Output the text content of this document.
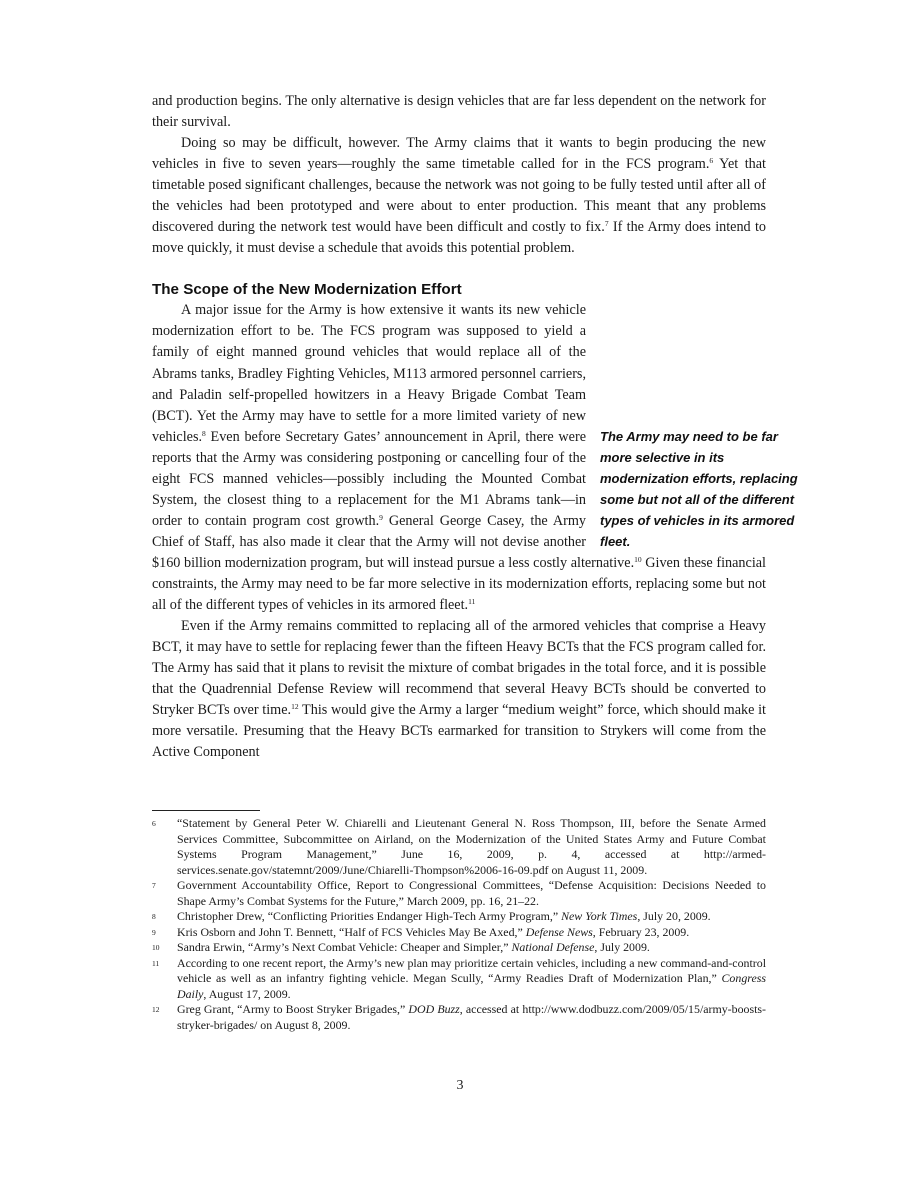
and production begins. The only alternative is design vehicles that are far less dependent on the network for their survival.

Doing so may be difficult, however. The Army claims that it wants to begin producing the new vehicles in five to seven years—roughly the same timetable called for in the FCS program.$^6$ Yet that timetable posed significant challenges, because the network was not going to be fully tested until after all of the vehicles had been prototyped and were about to enter production. This meant that any problems discovered during the network test would have been difficult and costly to fix.$^7$ If the Army does intend to move quickly, it must devise a schedule that avoids this potential problem.

The Scope of the New Modernization Effort
The Army may need to be far more selective in its modernization efforts, replacing some but not all of the different types of vehicles in its armored fleet.

A major issue for the Army is how extensive it wants its new vehicle modernization effort to be. The FCS program was supposed to yield a family of eight manned ground vehicles that would replace all of the Abrams tanks, Bradley Fighting Vehicles, M113 armored personnel carriers, and Paladin self-propelled howitzers in a Heavy Brigade Combat Team (BCT). Yet the Army may have to settle for a more limited variety of new vehicles.$^8$ Even before Secretary Gates’ announcement in April, there were reports that the Army was considering postponing or cancelling four of the eight FCS manned vehicles—possibly including the Mounted Combat System, the closest thing to a replacement for the M1 Abrams tank—in order to contain program cost growth.$^9$ General George Casey, the Army Chief of Staff, has also made it clear that the Army will not devise another $160 billion modernization program, but will instead pursue a less costly alternative.$^{10}$ Given these financial constraints, the Army may need to be far more selective in its modernization efforts, replacing some but not all of the different types of vehicles in its armored fleet.$^{11}$

Even if the Army remains committed to replacing all of the armored vehicles that comprise a Heavy BCT, it may have to settle for replacing fewer than the fifteen Heavy BCTs that the FCS program called for. The Army has said that it plans to revisit the mixture of combat brigades in the total force, and it is possible that the Quadrennial Defense Review will recommend that several Heavy BCTs should be converted to Stryker BCTs over time.$^{12}$ This would give the Army a larger “medium weight” force, which should make it more versatile. Presuming that the Heavy BCTs earmarked for transition to Strykers will come from the Active Component

6	“Statement by General Peter W. Chiarelli and Lieutenant General N. Ross Thompson, III, before the Senate Armed Services Committee, Subcommittee on Airland, on the Modernization of the United States Army and Future Combat Systems Program Management,” June 16, 2009, p. 4, accessed at http://armed-services.senate.gov/statemnt/2009/June/Chiarelli-Thompson%2006-16-09.pdf on August 11, 2009.
7	Government Accountability Office, Report to Congressional Committees, “Defense Acquisition: Decisions Needed to Shape Army’s Combat Systems for the Future,” March 2009, pp. 16, 21–22.
8	Christopher Drew, “Conflicting Priorities Endanger High-Tech Army Program,” New York Times, July 20, 2009.
9	Kris Osborn and John T. Bennett, “Half of FCS Vehicles May Be Axed,” Defense News, February 23, 2009.
10	Sandra Erwin, “Army’s Next Combat Vehicle: Cheaper and Simpler,” National Defense, July 2009.
11	According to one recent report, the Army’s new plan may prioritize certain vehicles, including a new command-and-control vehicle as well as an infantry fighting vehicle. Megan Scully, “Army Readies Draft of Modernization Plan,” Congress Daily, August 17, 2009.
12	Greg Grant, “Army to Boost Stryker Brigades,” DOD Buzz, accessed at http://www.dodbuzz.com/2009/05/15/army-boosts-stryker-brigades/ on August 8, 2009.
3
